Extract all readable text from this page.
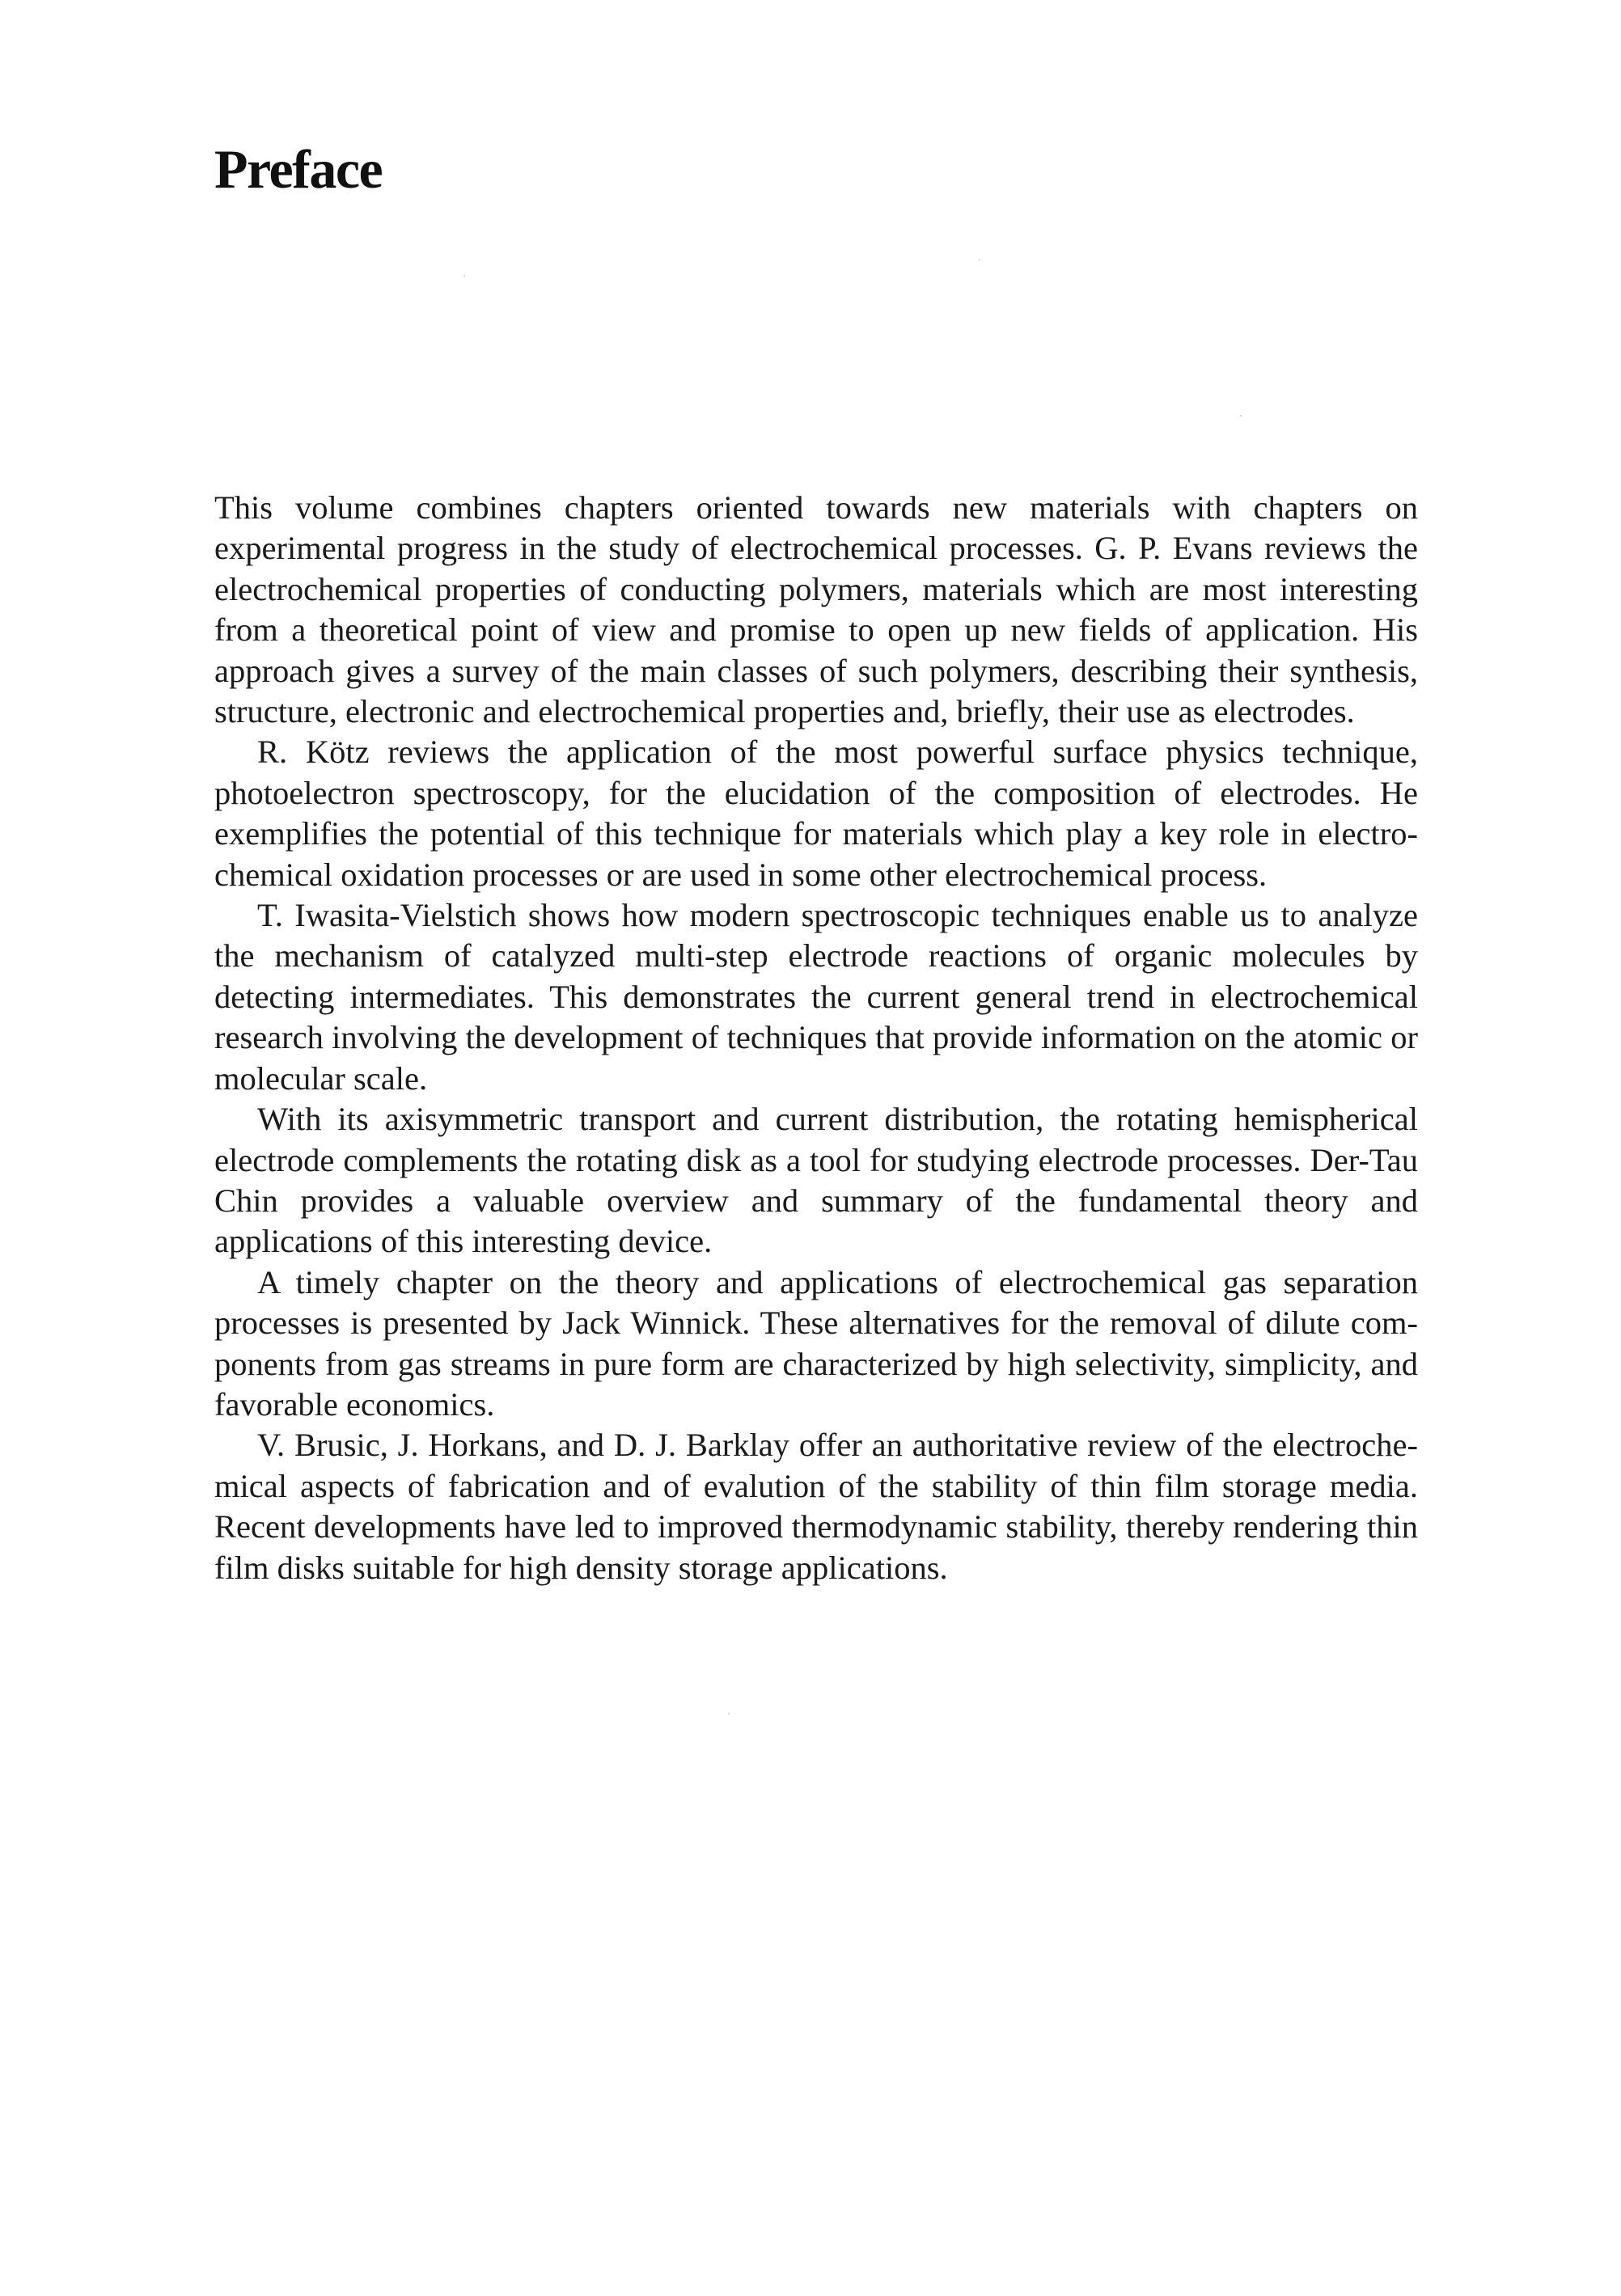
Preface

This volume combines chapters oriented towards new materials with chapters on experimental progress in the study of electrochemical processes. G. P. Evans reviews the electrochemical properties of conducting polymers, materials which are most interesting from a theoretical point of view and promise to open up new fields of application. His approach gives a survey of the main classes of such polymers, describing their synthesis, structure, electronic and electrochemical properties and, briefly, their use as electrodes.

R. Kötz reviews the application of the most powerful surface physics technique, photoelectron spectroscopy, for the elucidation of the composition of electrodes. He exemplifies the potential of this technique for materials which play a key role in electrochemical oxidation processes or are used in some other electrochemical process.

T. Iwasita-Vielstich shows how modern spectroscopic techniques enable us to analyze the mechanism of catalyzed multi-step electrode reactions of organic molecules by detecting intermediates. This demonstrates the current general trend in electrochemical research involving the development of techniques that provide information on the atomic or molecular scale.

With its axisymmetric transport and current distribution, the rotating hemispherical electrode complements the rotating disk as a tool for studying electrode processes. Der-Tau Chin provides a valuable overview and summary of the fundamental theory and applications of this interesting device.

A timely chapter on the theory and applications of electrochemical gas separation processes is presented by Jack Winnick. These alternatives for the removal of dilute components from gas streams in pure form are characterized by high selectivity, simplicity, and favorable economics.

V. Brusic, J. Horkans, and D. J. Barklay offer an authoritative review of the electrochemical aspects of fabrication and of evalution of the stability of thin film storage media. Recent developments have led to improved thermodynamic stability, thereby rendering thin film disks suitable for high density storage applications.
